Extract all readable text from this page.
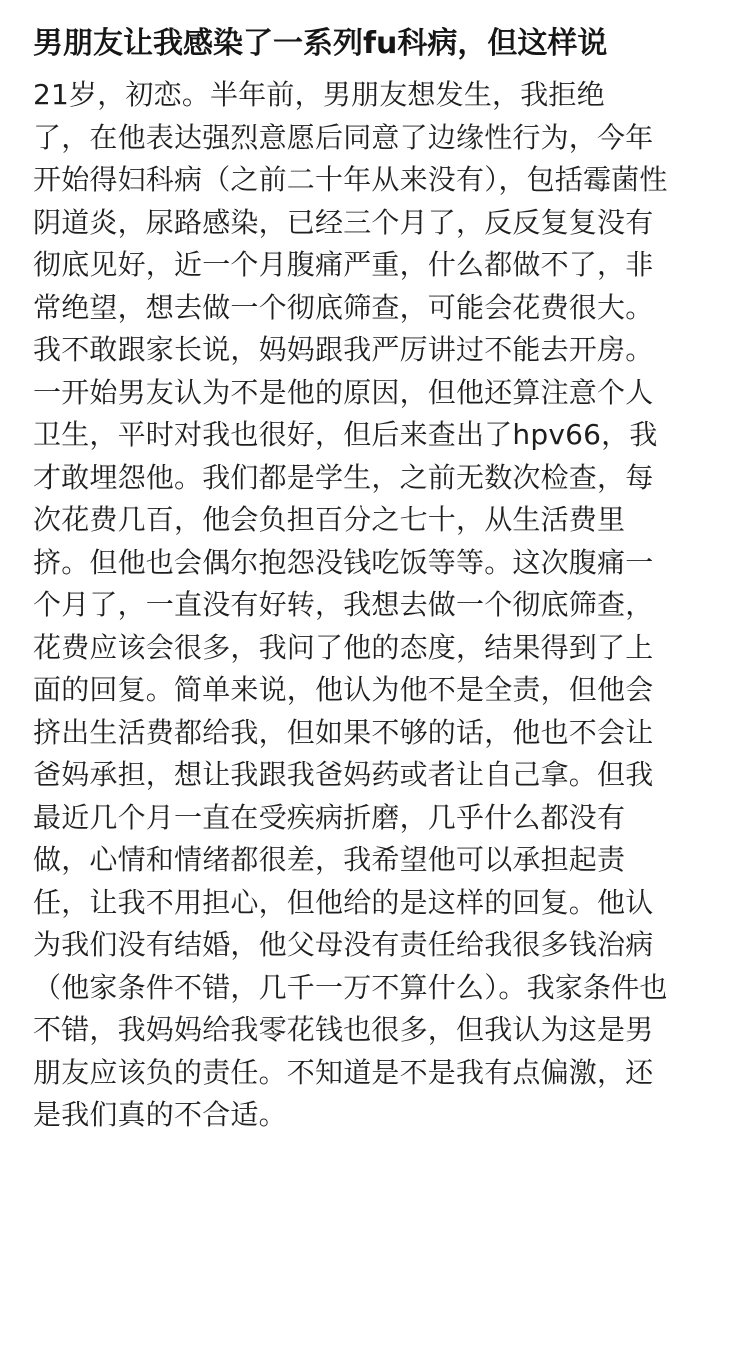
男朋友让我感染了一系列fu科病，但这样说
21岁，初恋。半年前，男朋友想发生，我拒绝
了，在他表达强烈意愿后同意了边缘性行为，今年
开始得妇科病（之前二十年从来没有），包括霉菌性
阴道炎，尿路感染，已经三个月了，反反复复没有
彻底见好，近一个月腹痛严重，什么都做不了，非
常绝望，想去做一个彻底筛查，可能会花费很大。
我不敢跟家长说，妈妈跟我严厉讲过不能去开房。
一开始男友认为不是他的原因，但他还算注意个人
卫生，平时对我也很好，但后来查出了hpv66，我
才敢埋怨他。我们都是学生，之前无数次检查，每
次花费几百，他会负担百分之七十，从生活费里
挤。但他也会偶尔抱怨没钱吃饭等等。这次腹痛一
个月了，一直没有好转，我想去做一个彻底筛查，
花费应该会很多，我问了他的态度，结果得到了上
面的回复。简单来说，他认为他不是全责，但他会
挤出生活费都给我，但如果不够的话，他也不会让
爸妈承担，想让我跟我爸妈药或者让自己拿。但我
最近几个月一直在受疾病折磨，几乎什么都没有
做，心情和情绪都很差，我希望他可以承担起责
任，让我不用担心，但他给的是这样的回复。他认
为我们没有结婚，他父母没有责任给我很多钱治病
（他家条件不错，几千一万不算什么）。我家条件也
不错，我妈妈给我零花钱也很多，但我认为这是男
朋友应该负的责任。不知道是不是我有点偏激，还
是我们真的不合适。
